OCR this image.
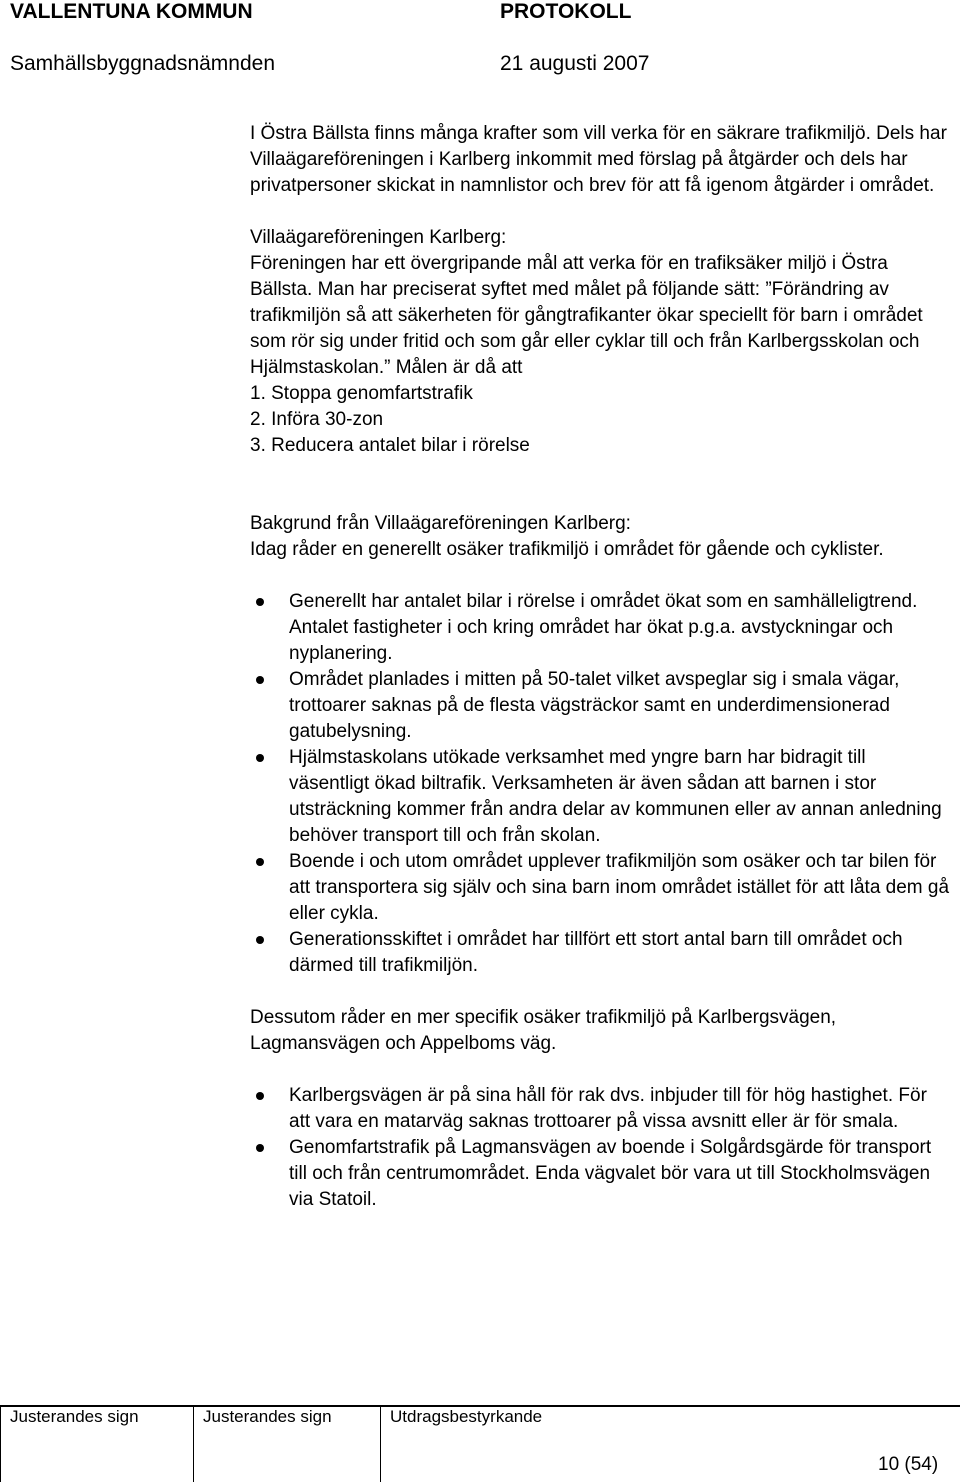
VALLENTUNA KOMMUN	PROTOKOLL
Samhällsbyggnadsnämnden	21 augusti 2007

I Östra Bällsta finns många krafter som vill verka för en säkrare trafikmiljö. Dels har Villaägareföreningen i Karlberg inkommit med förslag på åtgärder och dels har privatpersoner skickat in namnlistor och brev för att få igenom åtgärder i området.

Villaägareföreningen Karlberg:

Föreningen har ett övergripande mål att verka för en trafiksäker miljö i Östra Bällsta. Man har preciserat syftet med målet på följande sätt: ”Förändring av trafikmiljön så att säkerheten för gångtrafikanter ökar speciellt för barn i området som rör sig under fritid och som går eller cyklar till och från Karlbergsskolan och Hjälmstaskolan.” Målen är då att

1. Stoppa genomfartstrafik

2. Införa 30-zon

3. Reducera antalet bilar i rörelse

Bakgrund från Villaägareföreningen Karlberg:

Idag råder en generellt osäker trafikmiljö i området för gående och cyklister.

Generellt har antalet bilar i rörelse i området ökat som en samhälleligtrend. Antalet fastigheter i och kring området har ökat p.g.a. avstyckningar och nyplanering.
Området planlades i mitten på 50-talet vilket avspeglar sig i smala vägar, trottoarer saknas på de flesta vägsträckor samt en underdimensionerad gatubelysning.
Hjälmstaskolans utökade verksamhet med yngre barn har bidragit till väsentligt ökad biltrafik. Verksamheten är även sådan att barnen i stor utsträckning kommer från andra delar av kommunen eller av annan anledning behöver transport till och från skolan.
Boende i och utom området upplever trafikmiljön som osäker och tar bilen för att transportera sig själv och sina barn inom området istället för att låta dem gå eller cykla.
Generationsskiftet i området har tillfört ett stort antal barn till området och därmed till trafikmiljön.

Dessutom råder en mer specifik osäker trafikmiljö på Karlbergsvägen, Lagmansvägen och Appelboms väg.

Karlbergsvägen är på sina håll för rak dvs. inbjuder till för hög hastighet. För att vara en matarväg saknas trottoarer på vissa avsnitt eller är för smala.
Genomfartstrafik på Lagmansvägen av boende i Solgårdsgärde för transport till och från centrumområdet. Enda vägvalet bör vara ut till Stockholmsvägen via Statoil.
Justerandes sign	Justerandes sign	Utdragsbestyrkande
10 (54)
